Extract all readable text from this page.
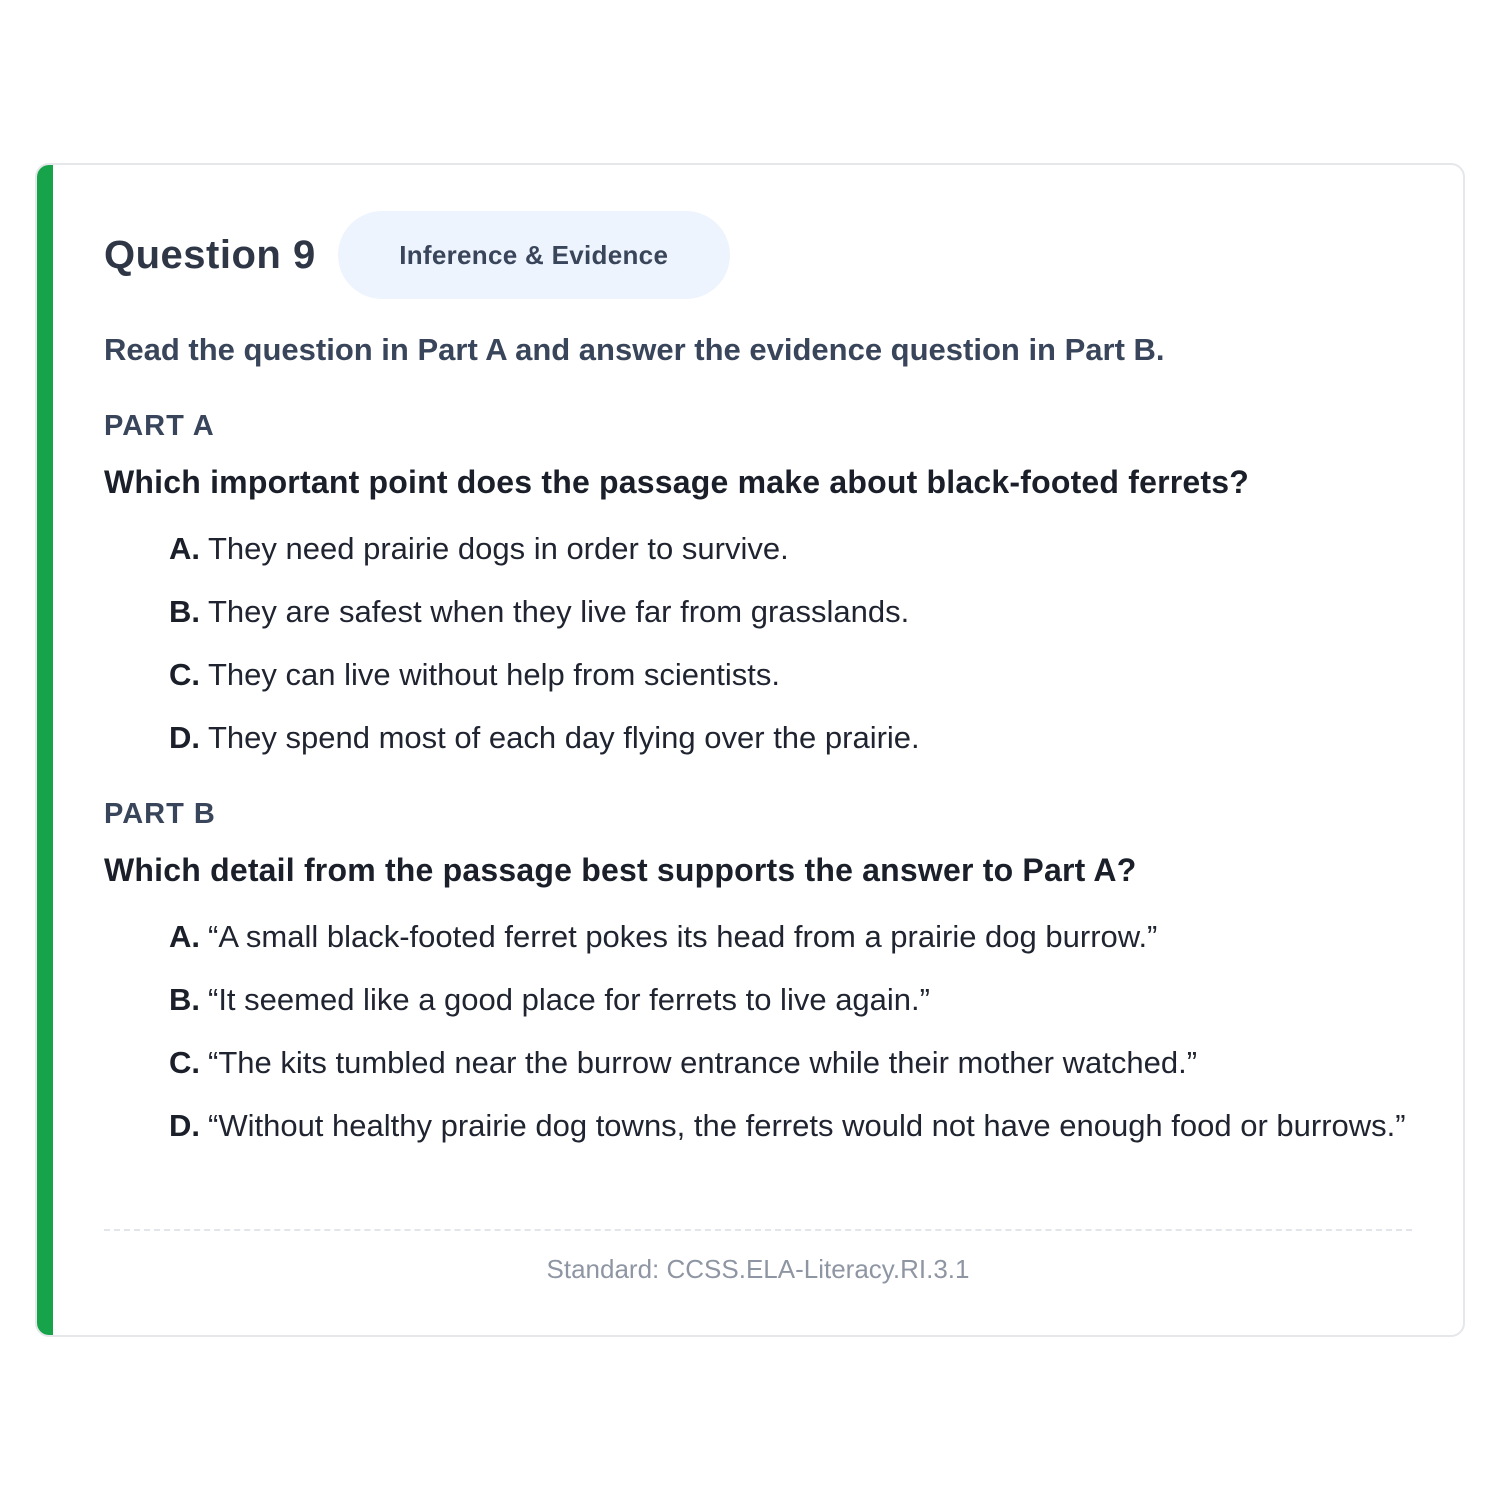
Question 9	Inference & Evidence

Read the question in Part A and answer the evidence question in Part B.

PART A
Which important point does the passage make about black-footed ferrets?
A. They need prairie dogs in order to survive.
B. They are safest when they live far from grasslands.
C. They can live without help from scientists.
D. They spend most of each day flying over the prairie.
PART B
Which detail from the passage best supports the answer to Part A?
A. “A small black-footed ferret pokes its head from a prairie dog burrow.”
B. “It seemed like a good place for ferrets to live again.”
C. “The kits tumbled near the burrow entrance while their mother watched.”
D. “Without healthy prairie dog towns, the ferrets would not have enough food or burrows.”
Standard: CCSS.ELA-Literacy.RI.3.1
